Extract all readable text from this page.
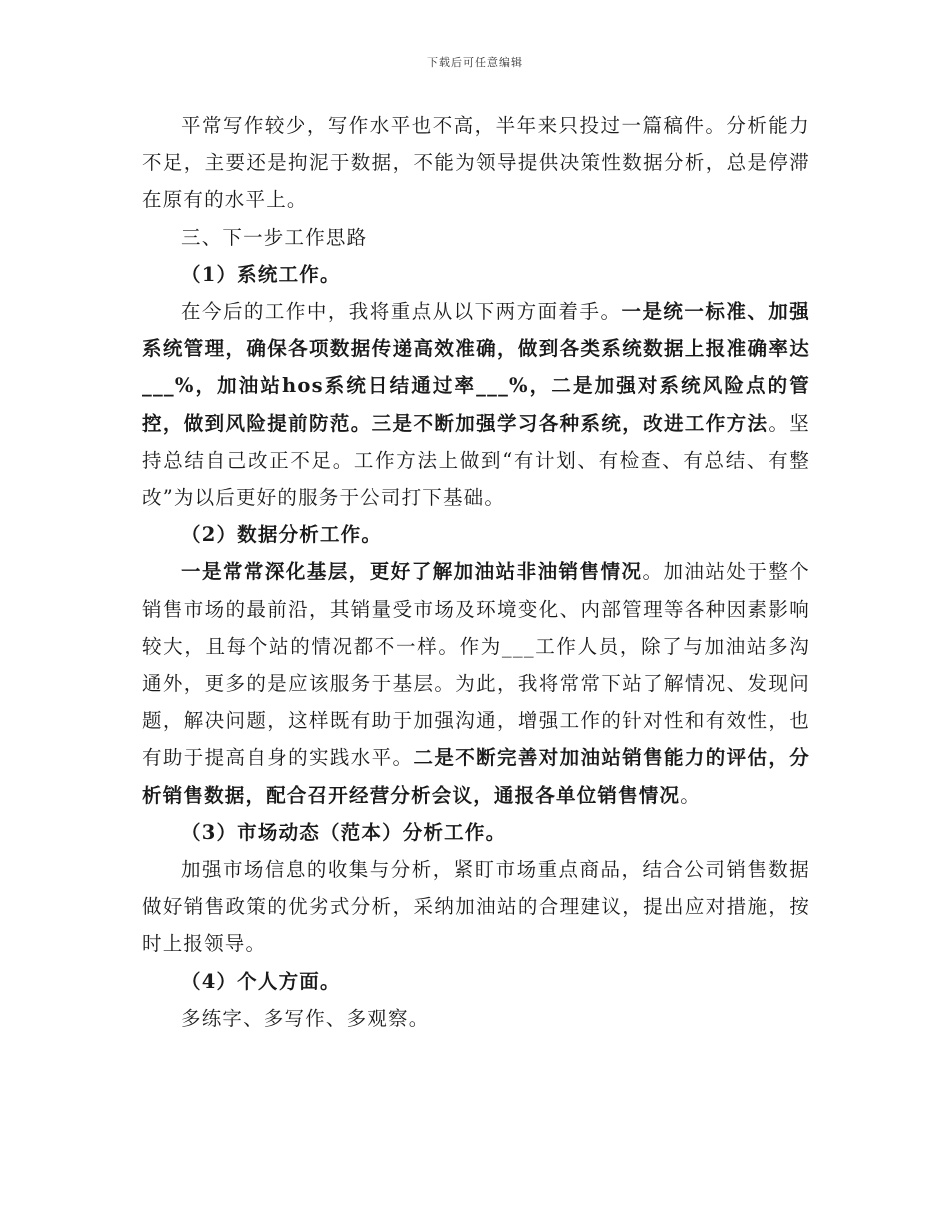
下载后可任意编辑

平常写作较少，写作水平也不高，半年来只投过一篇稿件。分析能力不足，主要还是拘泥于数据，不能为领导提供决策性数据分析，总是停滞在原有的水平上。

三、下一步工作思路

（1）系统工作。

在今后的工作中，我将重点从以下两方面着手。一是统一标准、加强系统管理，确保各项数据传递高效准确，做到各类系统数据上报准确率达___%，加油站hos系统日结通过率___%，二是加强对系统风险点的管控，做到风险提前防范。三是不断加强学习各种系统，改进工作方法。坚持总结自己改正不足。工作方法上做到“有计划、有检查、有总结、有整改”为以后更好的服务于公司打下基础。

（2）数据分析工作。

一是常常深化基层，更好了解加油站非油销售情况。加油站处于整个销售市场的最前沿，其销量受市场及环境变化、内部管理等各种因素影响较大，且每个站的情况都不一样。作为___工作人员，除了与加油站多沟通外，更多的是应该服务于基层。为此，我将常常下站了解情况、发现问题，解决问题，这样既有助于加强沟通，增强工作的针对性和有效性，也有助于提高自身的实践水平。二是不断完善对加油站销售能力的评估，分析销售数据，配合召开经营分析会议，通报各单位销售情况。

（3）市场动态（范本）分析工作。

加强市场信息的收集与分析，紧盯市场重点商品，结合公司销售数据做好销售政策的优劣式分析，采纳加油站的合理建议，提出应对措施，按时上报领导。

（4）个人方面。

多练字、多写作、多观察。
